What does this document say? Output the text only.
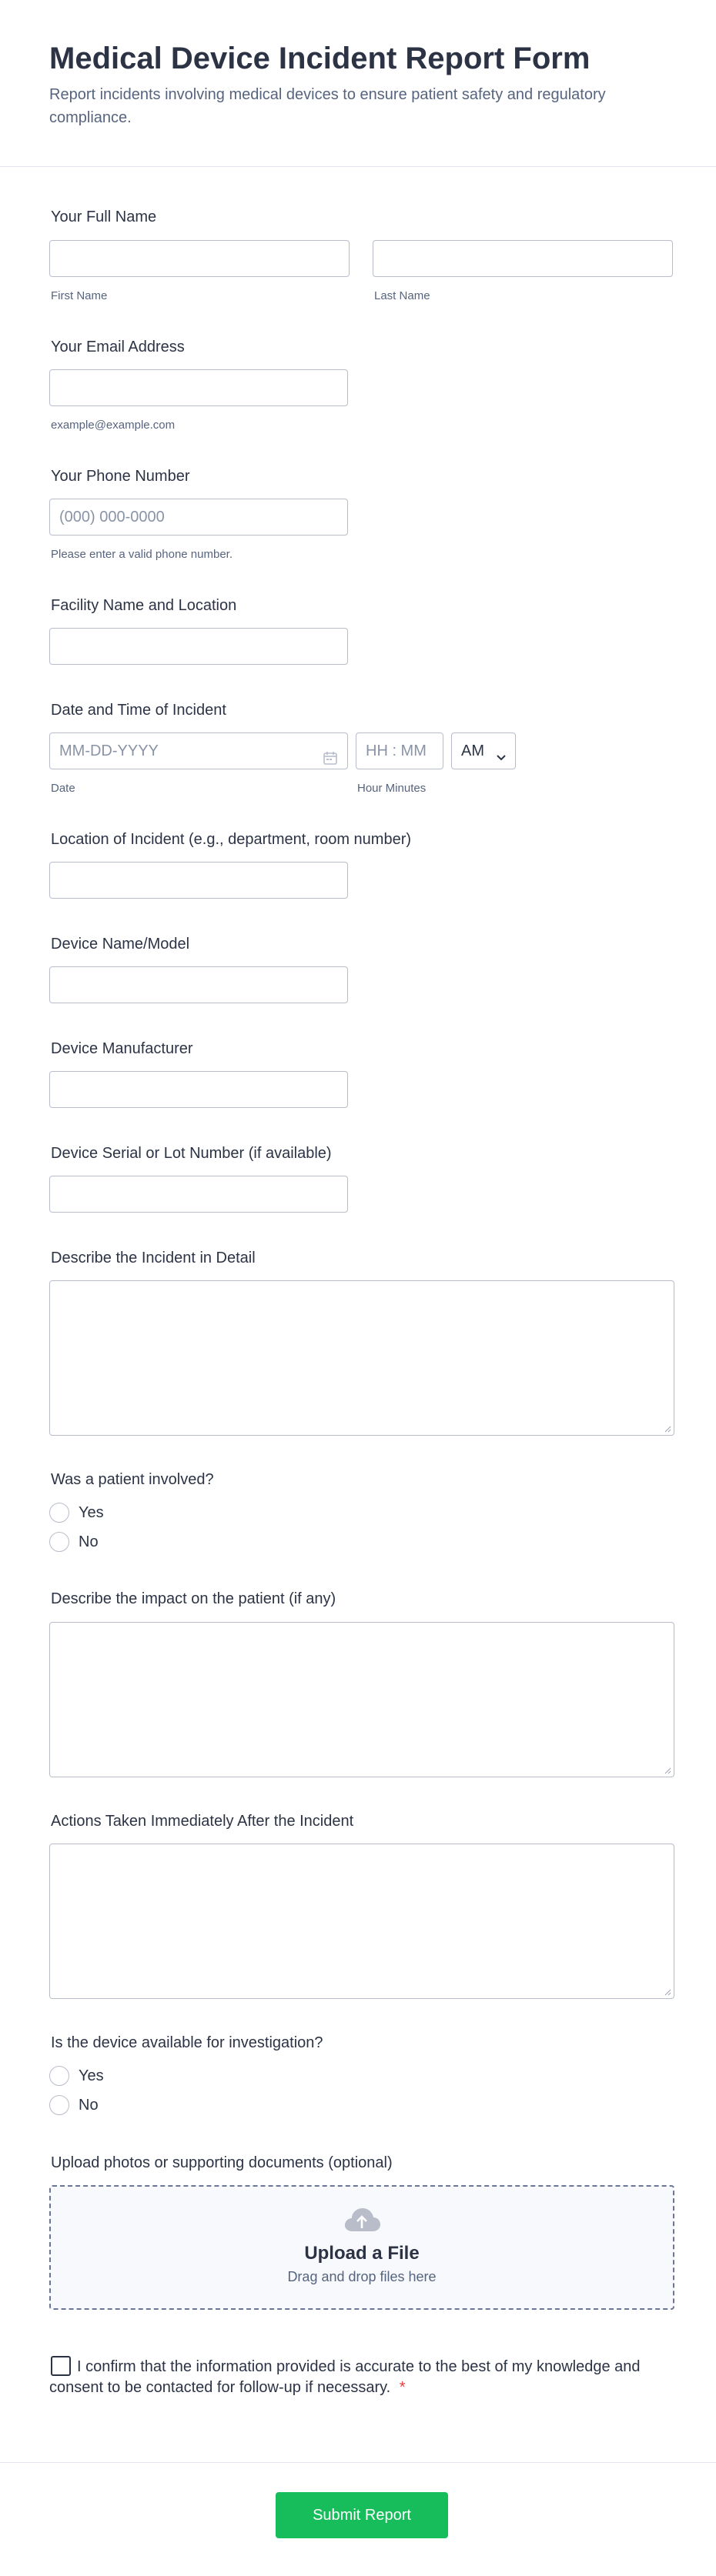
Medical Device Incident Report Form

Report incidents involving medical devices to ensure patient safety and regulatory compliance.

Your Full Name
First Name	Last Name
Your Email Address
example@example.com
Your Phone Number
(000) 000-0000
Please enter a valid phone number.
Facility Name and Location
Date and Time of Incident
MM-DD-YYYY	HH : MM	AM
Date	Hour Minutes
Location of Incident (e.g., department, room number)
Device Name/Model
Device Manufacturer
Device Serial or Lot Number (if available)
Describe the Incident in Detail
Was a patient involved?
Yes
No
Describe the impact on the patient (if any)
Actions Taken Immediately After the Incident
Is the device available for investigation?
Yes
No
Upload photos or supporting documents (optional)
Upload a File
Drag and drop files here
I confirm that the information provided is accurate to the best of my knowledge and consent to be contacted for follow-up if necessary. *
Submit Report
